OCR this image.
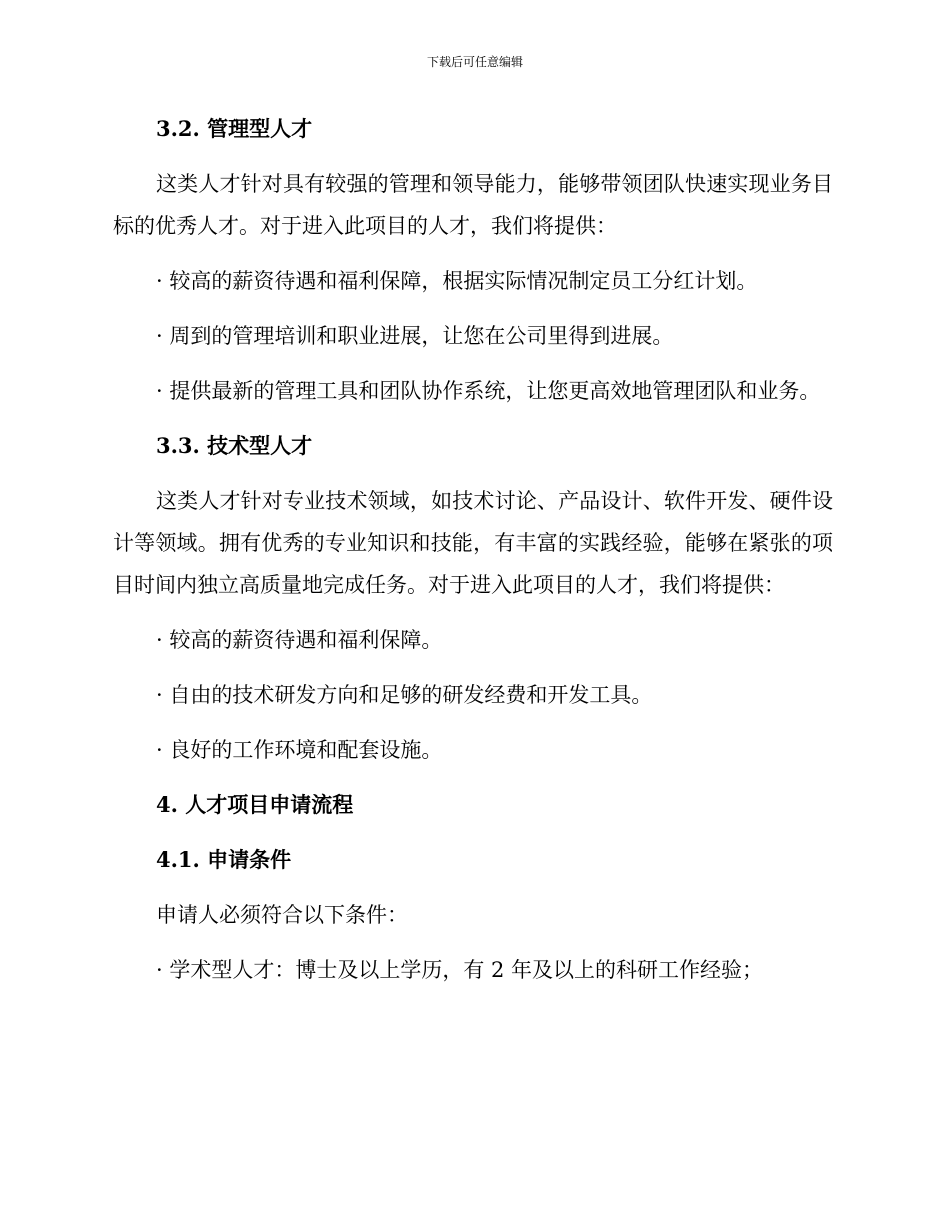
下载后可任意编辑
3.2. 管理型人才
这类人才针对具有较强的管理和领导能力，能够带领团队快速实现业务目标的优秀人才。对于进入此项目的人才，我们将提供：
· 较高的薪资待遇和福利保障，根据实际情况制定员工分红计划。
· 周到的管理培训和职业进展，让您在公司里得到进展。
· 提供最新的管理工具和团队协作系统，让您更高效地管理团队和业务。
3.3. 技术型人才
这类人才针对专业技术领域，如技术讨论、产品设计、软件开发、硬件设计等领域。拥有优秀的专业知识和技能，有丰富的实践经验，能够在紧张的项目时间内独立高质量地完成任务。对于进入此项目的人才，我们将提供：
· 较高的薪资待遇和福利保障。
· 自由的技术研发方向和足够的研发经费和开发工具。
· 良好的工作环境和配套设施。
4. 人才项目申请流程
4.1. 申请条件
申请人必须符合以下条件：
· 学术型人才：博士及以上学历，有 2 年及以上的科研工作经验；
